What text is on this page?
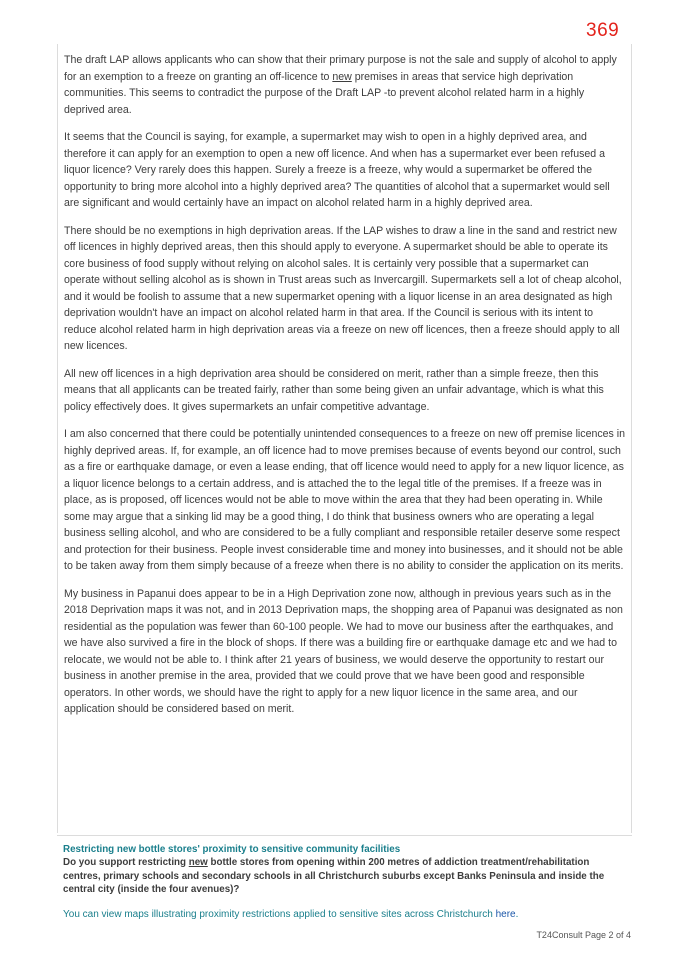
369

The draft LAP allows applicants who can show that their primary purpose is not the sale and supply of alcohol to apply for an exemption to a freeze on granting an off-licence to new premises in areas that service high deprivation communities. This seems to contradict the purpose of the Draft LAP -to prevent alcohol related harm in a highly deprived area.

It seems that the Council is saying, for example, a supermarket may wish to open in a highly deprived area, and therefore it can apply for an exemption to open a new off licence. And when has a supermarket ever been refused a liquor licence? Very rarely does this happen. Surely a freeze is a freeze, why would a supermarket be offered the opportunity to bring more alcohol into a highly deprived area? The quantities of alcohol that a supermarket would sell are significant and would certainly have an impact on alcohol related harm in a highly deprived area.

There should be no exemptions in high deprivation areas. If the LAP wishes to draw a line in the sand and restrict new off licences in highly deprived areas, then this should apply to everyone. A supermarket should be able to operate its core business of food supply without relying on alcohol sales. It is certainly very possible that a supermarket can operate without selling alcohol as is shown in Trust areas such as Invercargill. Supermarkets sell a lot of cheap alcohol, and it would be foolish to assume that a new supermarket opening with a liquor license in an area designated as high deprivation wouldn't have an impact on alcohol related harm in that area. If the Council is serious with its intent to reduce alcohol related harm in high deprivation areas via a freeze on new off licences, then a freeze should apply to all new licences.

All new off licences in a high deprivation area should be considered on merit, rather than a simple freeze, then this means that all applicants can be treated fairly, rather than some being given an unfair advantage, which is what this policy effectively does. It gives supermarkets an unfair competitive advantage.

I am also concerned that there could be potentially unintended consequences to a freeze on new off premise licences in highly deprived areas. If, for example, an off licence had to move premises because of events beyond our control, such as a fire or earthquake damage, or even a lease ending, that off licence would need to apply for a new liquor licence, as a liquor licence belongs to a certain address, and is attached the to the legal title of the premises. If a freeze was in place, as is proposed, off licences would not be able to move within the area that they had been operating in. While some may argue that a sinking lid may be a good thing, I do think that business owners who are operating a legal business selling alcohol, and who are considered to be a fully compliant and responsible retailer deserve some respect and protection for their business. People invest considerable time and money into businesses, and it should not be able to be taken away from them simply because of a freeze when there is no ability to consider the application on its merits.

My business in Papanui does appear to be in a High Deprivation zone now, although in previous years such as in the 2018 Deprivation maps it was not, and in 2013 Deprivation maps, the shopping area of Papanui was designated as non residential as the population was fewer than 60-100 people. We had to move our business after the earthquakes, and we have also survived a fire in the block of shops. If there was a building fire or earthquake damage etc and we had to relocate, we would not be able to. I think after 21 years of business, we would deserve the opportunity to restart our business in another premise in the area, provided that we could prove that we have been good and responsible operators. In other words, we should have the right to apply for a new liquor licence in the same area, and our application should be considered based on merit.

Restricting new bottle stores' proximity to sensitive community facilities

Do you support restricting new bottle stores from opening within 200 metres of addiction treatment/rehabilitation centres, primary schools and secondary schools in all Christchurch suburbs except Banks Peninsula and inside the central city (inside the four avenues)?

You can view maps illustrating proximity restrictions applied to sensitive sites across Christchurch here.
T24Consult Page 2 of 4
